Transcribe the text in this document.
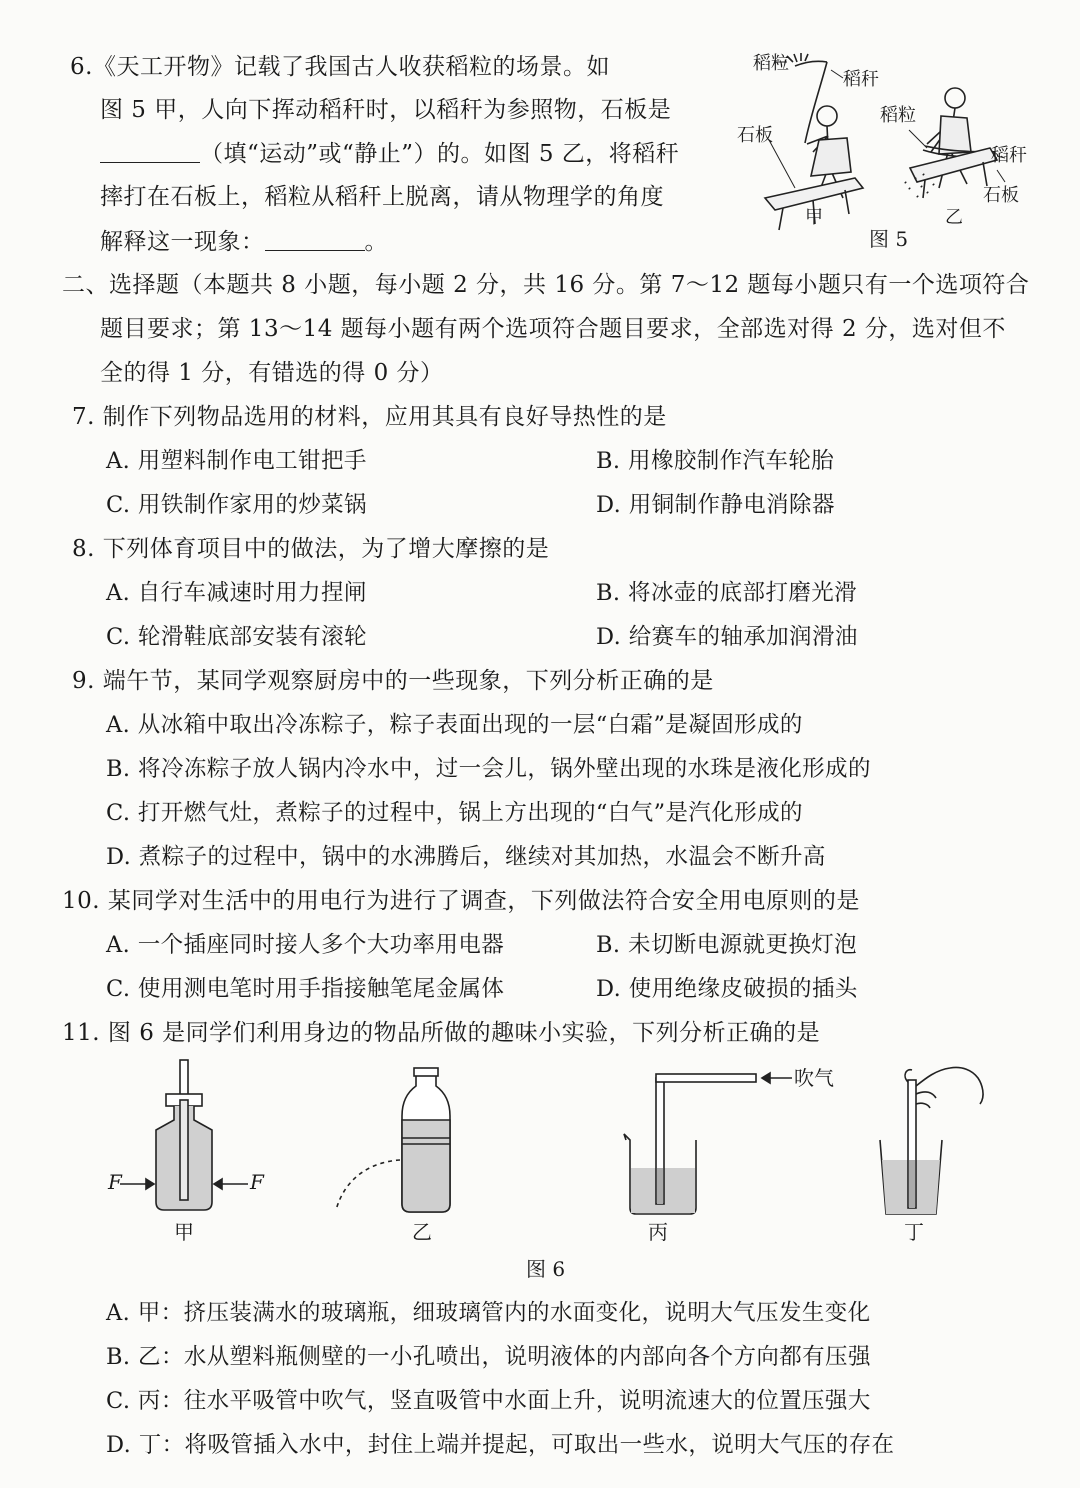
6.《天工开物》记载了我国古人收获稻粒的场景。如
图 5 甲，人向下挥动稻秆时，以稻秆为参照物，石板是
（填“运动”或“静止”）的。如图 5 乙，将稻秆
摔打在石板上，稻粒从稻秆上脱离，请从物理学的角度
解释这一现象：	。
稻粒
稻秆
石板
稻粒
稻秆
石板
甲	乙
图 5
二、选择题（本题共 8 小题，每小题 2 分，共 16 分。第 7～12 题每小题只有一个选项符合
题目要求；第 13～14 题每小题有两个选项符合题目要求，全部选对得 2 分，选对但不
全的得 1 分，有错选的得 0 分）
7. 制作下列物品选用的材料，应用其具有良好导热性的是
A. 用塑料制作电工钳把手	B. 用橡胶制作汽车轮胎
C. 用铁制作家用的炒菜锅	D. 用铜制作静电消除器
8. 下列体育项目中的做法，为了增大摩擦的是
A. 自行车减速时用力捏闸	B. 将冰壶的底部打磨光滑
C. 轮滑鞋底部安装有滚轮	D. 给赛车的轴承加润滑油
9. 端午节，某同学观察厨房中的一些现象，下列分析正确的是
A. 从冰箱中取出冷冻粽子，粽子表面出现的一层“白霜”是凝固形成的
B. 将冷冻粽子放人锅内冷水中，过一会儿，锅外壁出现的水珠是液化形成的
C. 打开燃气灶，煮粽子的过程中，锅上方出现的“白气”是汽化形成的
D. 煮粽子的过程中，锅中的水沸腾后，继续对其加热，水温会不断升高
10. 某同学对生活中的用电行为进行了调查，下列做法符合安全用电原则的是
A. 一个插座同时接人多个大功率用电器	B. 未切断电源就更换灯泡
C. 使用测电笔时用手指接触笔尾金属体	D. 使用绝缘皮破损的插头
11. 图 6 是同学们利用身边的物品所做的趣味小实验，下列分析正确的是
F	F
吹气
甲	乙	丙	丁
图 6
A. 甲：挤压装满水的玻璃瓶，细玻璃管内的水面变化，说明大气压发生变化
B. 乙：水从塑料瓶侧壁的一小孔喷出，说明液体的内部向各个方向都有压强
C. 丙：往水平吸管中吹气，竖直吸管中水面上升，说明流速大的位置压强大
D. 丁：将吸管插入水中，封住上端并提起，可取出一些水，说明大气压的存在
